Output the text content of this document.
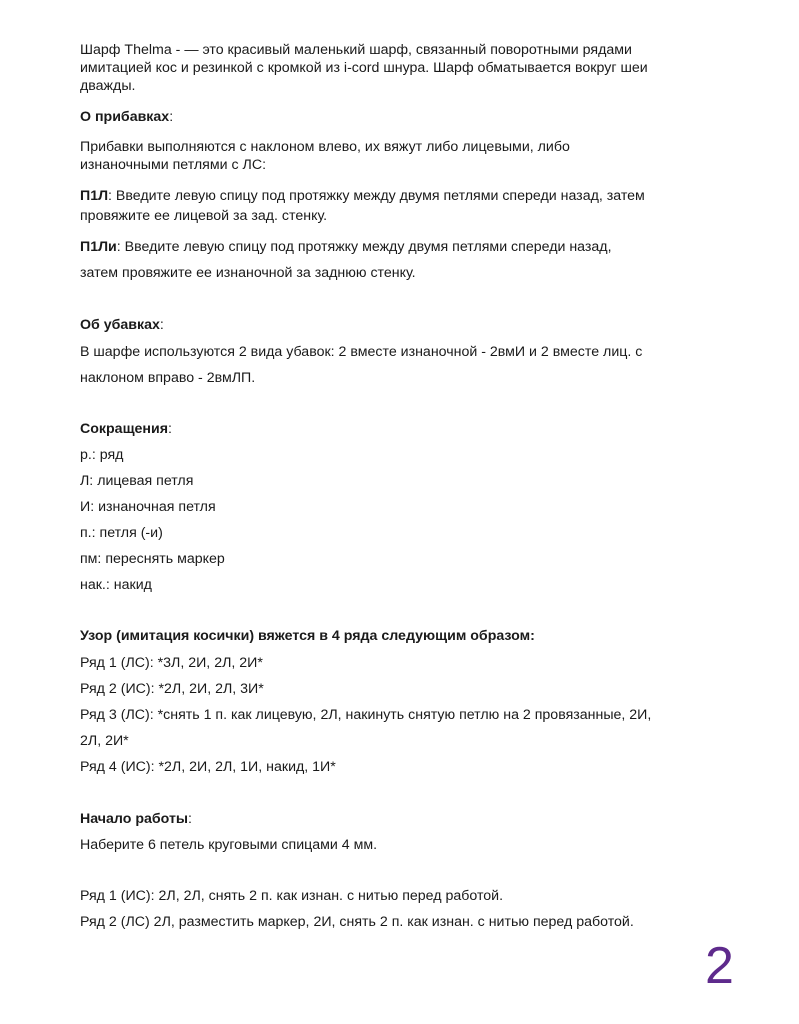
Шарф Thelma - — это красивый маленький шарф, связанный поворотными рядами
имитацией кос и резинкой с кромкой из i-cord шнура. Шарф обматывается вокруг шеи
дважды.
О прибавках:
Прибавки выполняются с наклоном влево, их вяжут либо лицевыми, либо
изнаночными петлями с ЛС:
П1Л: Введите левую спицу под протяжку между двумя петлями спереди назад, затем
провяжите ее лицевой за зад. стенку.
П1Ли: Введите левую спицу под протяжку между двумя петлями спереди назад,
затем провяжите ее изнаночной за заднюю стенку.
Об убавках:
В шарфе используются 2 вида убавок: 2 вместе изнаночной - 2вмИ и 2 вместе лиц. с
наклоном вправо - 2вмЛП.
Сокращения:
р.: ряд
Л: лицевая петля
И: изнаночная петля
п.: петля (-и)
пм: переснять маркер
нак.: накид
Узор (имитация косички) вяжется в 4 ряда следующим образом:
Ряд 1 (ЛС): *3Л, 2И, 2Л, 2И*
Ряд 2 (ИС): *2Л, 2И, 2Л, 3И*
Ряд 3 (ЛС): *снять 1 п. как лицевую, 2Л, накинуть снятую петлю на 2 провязанные, 2И,
2Л, 2И*
Ряд 4 (ИС): *2Л, 2И, 2Л, 1И, накид, 1И*
Начало работы:
Наберите 6 петель круговыми спицами 4 мм.
Ряд 1 (ИС): 2Л, 2Л, снять 2 п. как изнан. с нитью перед работой.
Ряд 2 (ЛС) 2Л, разместить маркер, 2И, снять 2 п. как изнан. с нитью перед работой.
2
